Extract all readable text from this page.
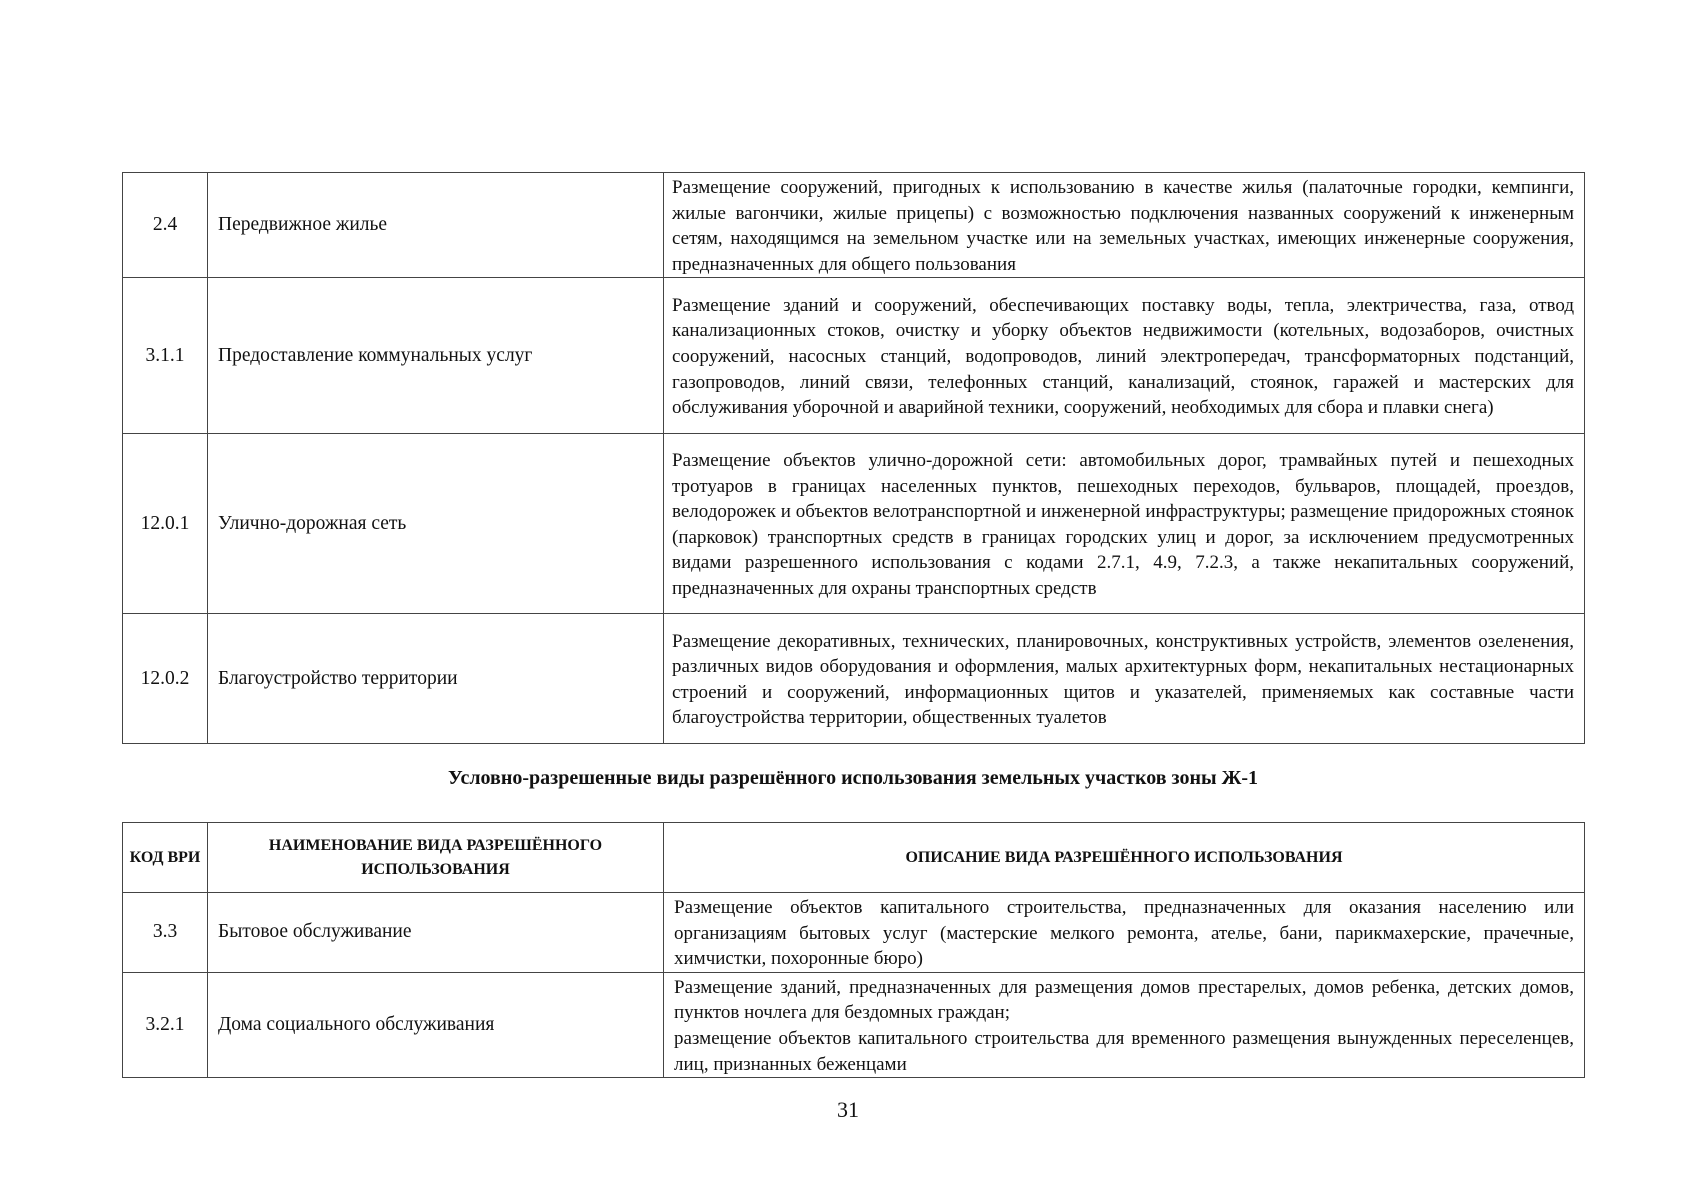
2.4	Передвижное жилье	Размещение сооружений, пригодных к использованию в качестве жилья (палаточные городки, кемпинги, жилые вагончики, жилые прицепы) с возможностью подключения названных сооружений к инженерным сетям, находящимся на земельном участке или на земельных участках, имеющих инженерные сооружения, предназначенных для общего пользования

3.1.1	Предоставление коммунальных услуг	Размещение зданий и сооружений, обеспечивающих поставку воды, тепла, электричества, газа, отвод канализационных стоков, очистку и уборку объектов недвижимости (котельных, водозаборов, очистных сооружений, насосных станций, водопроводов, линий электропередач, трансформаторных подстанций, газопроводов, линий связи, телефонных станций, канализаций, стоянок, гаражей и мастерских для обслуживания уборочной и аварийной техники, сооружений, необходимых для сбора и плавки снега)

12.0.1	Улично-дорожная сеть	Размещение объектов улично-дорожной сети: автомобильных дорог, трамвайных путей и пешеходных тротуаров в границах населенных пунктов, пешеходных переходов, бульваров, площадей, проездов, велодорожек и объектов велотранспортной и инженерной инфраструктуры; размещение придорожных стоянок (парковок) транспортных средств в границах городских улиц и дорог, за исключением предусмотренных видами разрешенного использования с кодами 2.7.1, 4.9, 7.2.3, а также некапитальных сооружений, предназначенных для охраны транспортных средств

12.0.2	Благоустройство территории	Размещение декоративных, технических, планировочных, конструктивных устройств, элементов озеленения, различных видов оборудования и оформления, малых архитектурных форм, некапитальных нестационарных строений и сооружений, информационных щитов и указателей, применяемых как составные части благоустройства территории, общественных туалетов

Условно-разрешенные виды разрешённого использования земельных участков зоны Ж-1
КОД ВРИ	НАИМЕНОВАНИЕ ВИДА РАЗРЕШЁННОГО ИСПОЛЬЗОВАНИЯ	ОПИСАНИЕ ВИДА РАЗРЕШЁННОГО ИСПОЛЬЗОВАНИЯ
3.3	Бытовое обслуживание	Размещение объектов капитального строительства, предназначенных для оказания населению или организациям бытовых услуг (мастерские мелкого ремонта, ателье, бани, парикмахерские, прачечные, химчистки, похоронные бюро)

3.2.1	Дома социального обслуживания	Размещение зданий, предназначенных для размещения домов престарелых, домов ребенка, детских домов, пунктов ночлега для бездомных граждан;

размещение объектов капитального строительства для временного размещения вынужденных переселенцев, лиц, признанных беженцами

31
